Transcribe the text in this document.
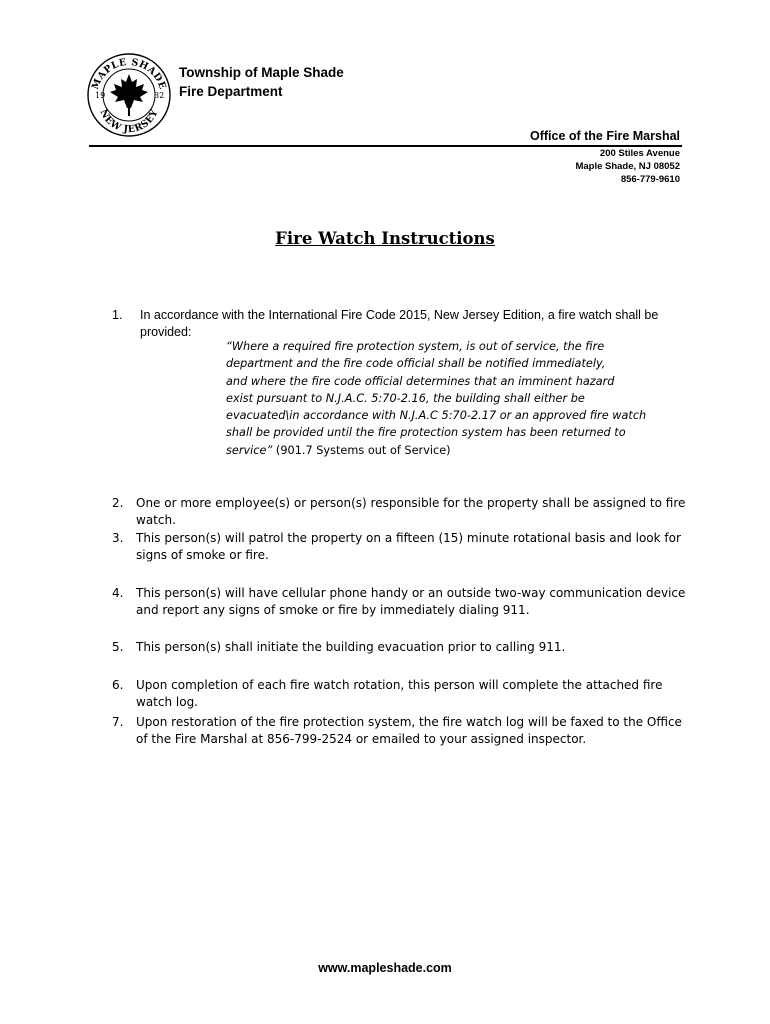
MAPLE SHADE
NEW JERSEY
19	32
Township of Maple Shade
Fire Department
Office of the Fire Marshal
200 Stiles Avenue
Maple Shade, NJ 08052
856-779-9610
Fire Watch Instructions
1. In accordance with the International Fire Code 2015, New Jersey Edition, a fire watch shall be provided:
“Where a required fire protection system, is out of service, the fire
department and the fire code official shall be notified immediately,
and where the fire code official determines that an imminent hazard
exist pursuant to N.J.A.C. 5:70-2.16, the building shall either be
evacuated\in accordance with N.J.A.C 5:70-2.17 or an approved fire watch
shall be provided until the fire protection system has been returned to
service” (901.7 Systems out of Service)
2. One or more employee(s) or person(s) responsible for the property shall be assigned to fire watch.
3. This person(s) will patrol the property on a fifteen (15) minute rotational basis and look for signs of smoke or fire.
4. This person(s) will have cellular phone handy or an outside two-way communication device and report any signs of smoke or fire by immediately dialing 911.
5. This person(s) shall initiate the building evacuation prior to calling 911.
6. Upon completion of each fire watch rotation, this person will complete the attached fire watch log.
7. Upon restoration of the fire protection system, the fire watch log will be faxed to the Office of the Fire Marshal at 856-799-2524 or emailed to your assigned inspector.
www.mapleshade.com
